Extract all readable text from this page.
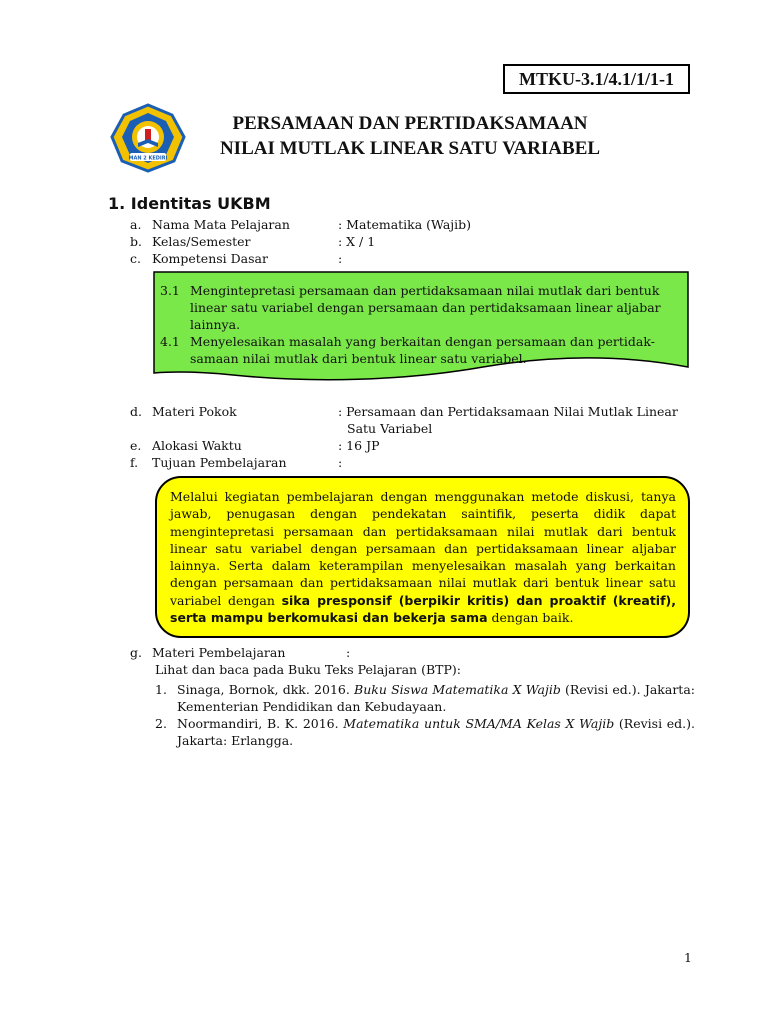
MTKU-3.1/4.1/1/1-1
MAN 2 KEDIRI
PERSAMAAN DAN PERTIDAKSAMAAN
NILAI MUTLAK LINEAR SATU VARIABEL
1. Identitas UKBM
a. Nama Mata Pelajaran	: Matematika (Wajib)
b. Kelas/Semester	: X / 1
c. Kompetensi Dasar	:
3.1 Mengintepretasi persamaan dan pertidaksamaan nilai mutlak dari bentuk linear satu variabel dengan persamaan dan pertidaksamaan linear aljabar lainnya.
4.1 Menyelesaikan masalah yang berkaitan dengan persamaan dan pertidak-samaan nilai mutlak dari bentuk linear satu variabel.
d. Materi Pokok	: Persamaan dan Pertidaksamaan Nilai Mutlak Linear
Satu Variabel
e. Alokasi Waktu	: 16 JP
f. Tujuan Pembelajaran	:
Melalui kegiatan pembelajaran dengan menggunakan metode diskusi, tanya jawab, penugasan dengan pendekatan saintifik, peserta didik dapat mengintepretasi persamaan dan pertidaksamaan nilai mutlak dari bentuk linear satu variabel dengan persamaan dan pertidaksamaan linear aljabar lainnya. Serta dalam keterampilan menyelesaikan masalah yang berkaitan dengan persamaan dan pertidaksamaan nilai mutlak dari bentuk linear satu variabel dengan sika presponsif (berpikir kritis) dan proaktif (kreatif), serta mampu berkomukasi dan bekerja sama dengan baik.
g. Materi Pembelajaran	:
Lihat dan baca pada Buku Teks Pelajaran (BTP):
1. Sinaga, Bornok, dkk. 2016. Buku Siswa Matematika X Wajib (Revisi ed.). Jakarta: Kementerian Pendidikan dan Kebudayaan.
2. Noormandiri, B. K. 2016. Matematika untuk SMA/MA Kelas X Wajib (Revisi ed.). Jakarta: Erlangga.
1
